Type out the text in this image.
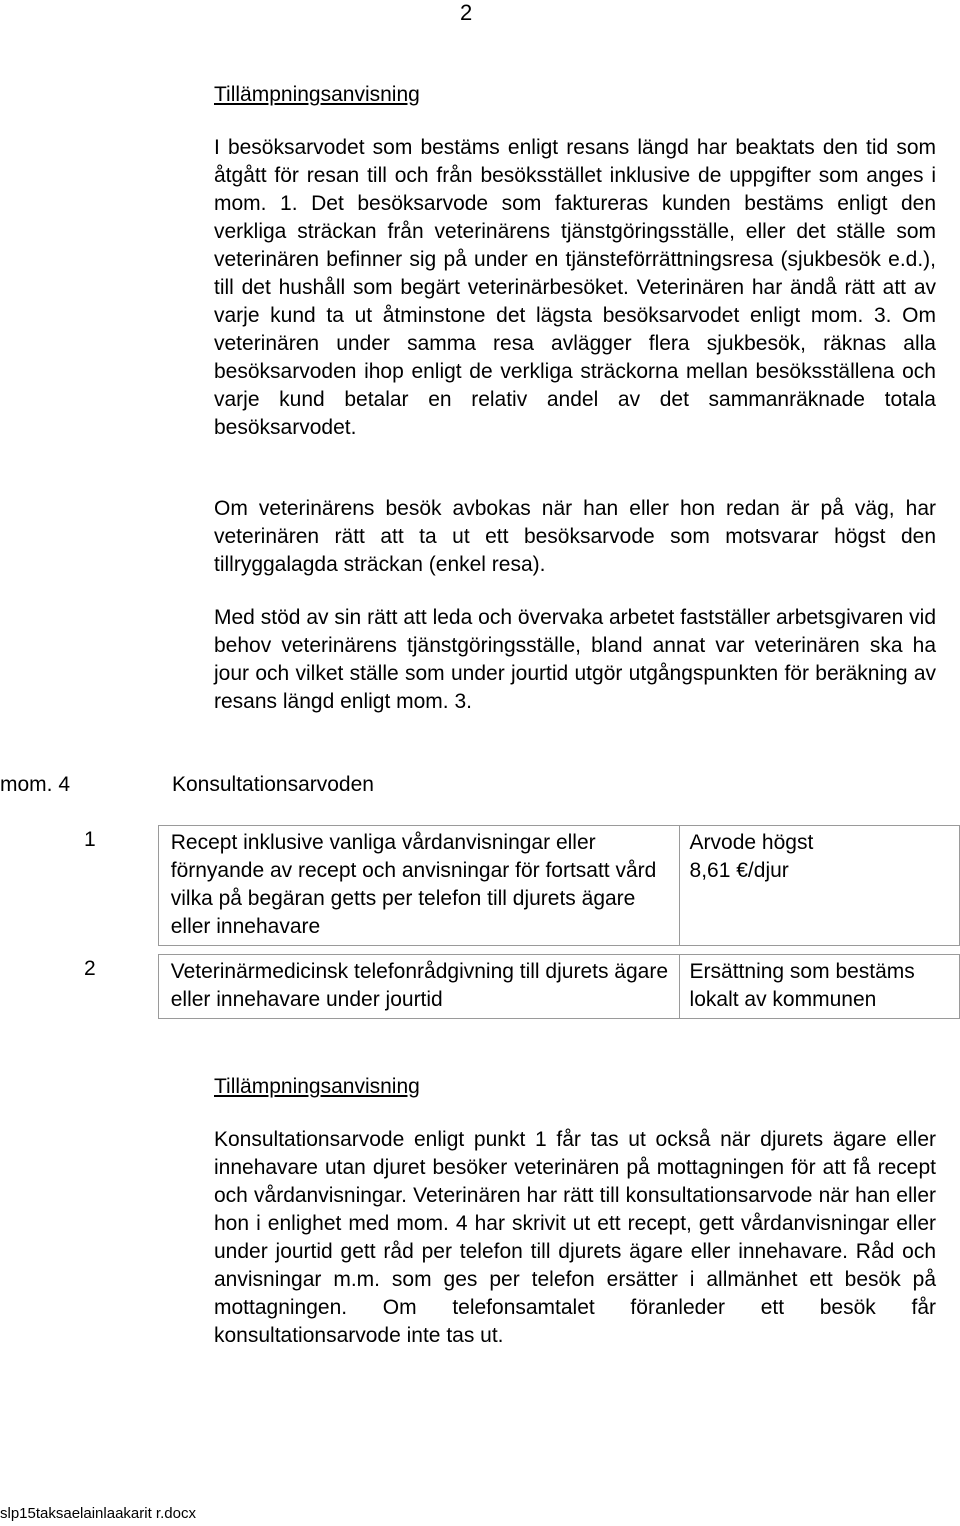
2
Tillämpningsanvisning

I besöksarvodet som bestäms enligt resans längd har beaktats den tid som åtgått för resan till och från besöksstället inklusive de uppgifter som anges i mom. 1. Det besöksarvode som faktureras kunden bestäms enligt den verkliga sträckan från veterinärens tjänstgöringsställe, eller det ställe som veterinären befinner sig på under en tjänsteförrättningsresa (sjukbesök e.d.), till det hushåll som begärt veterinärbesöket. Veterinären har ändå rätt att av varje kund ta ut åtminstone det lägsta besöksarvodet enligt mom. 3. Om veterinären under samma resa avlägger flera sjukbesök, räknas alla besöksarvoden ihop enligt de verkliga sträckorna mellan besöksställena och varje kund betalar en relativ andel av det sammanräknade totala besöksarvodet.

Om veterinärens besök avbokas när han eller hon redan är på väg, har veterinären rätt att ta ut ett besöksarvode som motsvarar högst den tillryggalagda sträckan (enkel resa).

Med stöd av sin rätt att leda och övervaka arbetet fastställer arbetsgivaren vid behov veterinärens tjänstgöringsställe, bland annat var veterinären ska ha jour och vilket ställe som under jourtid utgör utgångspunkten för beräkning av resans längd enligt mom. 3.

mom. 4	Konsultationsarvoden
1	Recept inklusive vanliga vårdanvisningar eller förnyande av recept och anvisningar för fortsatt vård vilka på begäran getts per telefon till djurets ägare eller innehavare	Arvode högst
8,61 €/djur

2	Veterinärmedicinsk telefonrådgivning till djurets ägare eller innehavare under jourtid	Ersättning som bestäms lokalt av kommunen
Tillämpningsanvisning

Konsultationsarvode enligt punkt 1 får tas ut också när djurets ägare eller innehavare utan djuret besöker veterinären på mottagningen för att få recept och vårdanvisningar. Veterinären har rätt till konsultationsarvode när han eller hon i enlighet med mom. 4 har skrivit ut ett recept, gett vårdanvisningar eller under jourtid gett råd per telefon till djurets ägare eller innehavare. Råd och anvisningar m.m. som ges per telefon ersätter i allmänhet ett besök på mottagningen. Om telefonsamtalet föranleder ett besök får konsultationsarvode inte tas ut.

slp15taksaelainlaakarit r.docx
